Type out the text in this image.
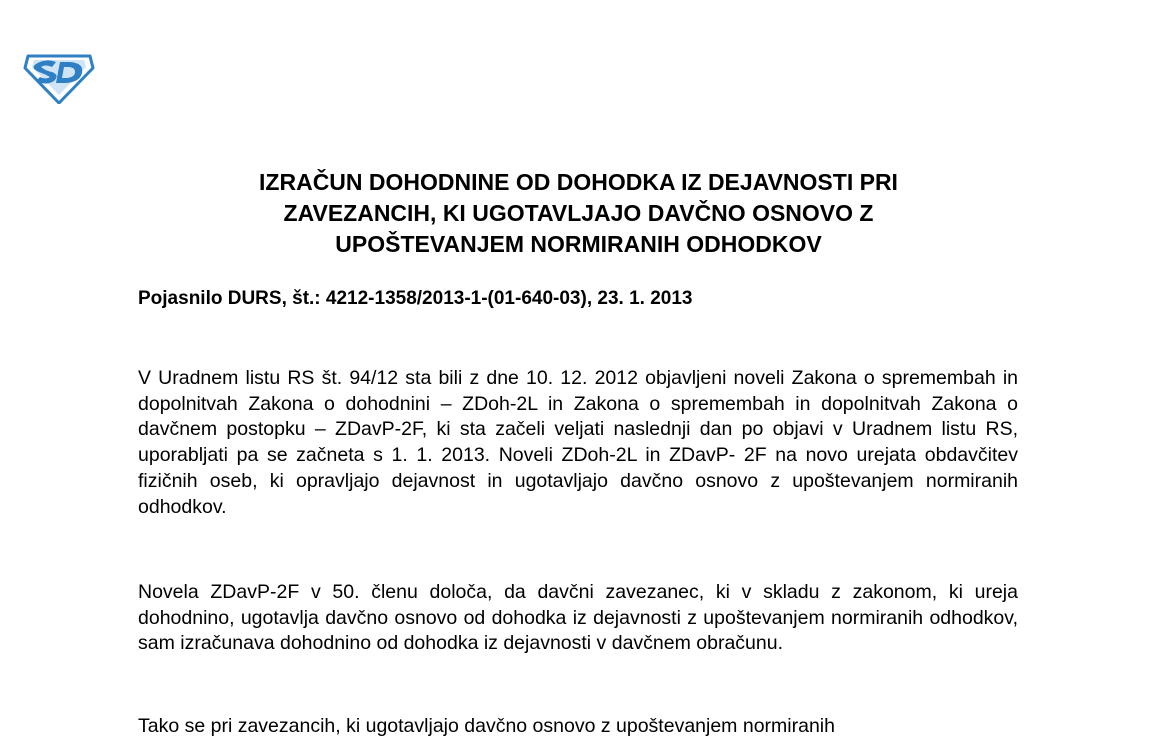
IZRAČUN DOHODNINE OD DOHODKA IZ DEJAVNOSTI PRI
ZAVEZANCIH, KI UGOTAVLJAJO DAVČNO OSNOVO Z
UPOŠTEVANJEM NORMIRANIH ODHODKOV

Pojasnilo DURS, št.: 4212-1358/2013-1-(01-640-03), 23. 1. 2013

V Uradnem listu RS št. 94/12 sta bili z dne 10. 12. 2012 objavljeni noveli Zakona o spremembah in dopolnitvah Zakona o dohodnini – ZDoh-2L in Zakona o spremembah in dopolnitvah Zakona o davčnem postopku – ZDavP-2F, ki sta začeli veljati naslednji dan po objavi v Uradnem listu RS, uporabljati pa se začneta s 1. 1. 2013. Noveli ZDoh-2L in ZDavP- 2F na novo urejata obdavčitev fizičnih oseb, ki opravljajo dejavnost in ugotavljajo davčno osnovo z upoštevanjem normiranih odhodkov.

Novela ZDavP-2F v 50. členu določa, da davčni zavezanec, ki v skladu z zakonom, ki ureja dohodnino, ugotavlja davčno osnovo od dohodka iz dejavnosti z upoštevanjem normiranih odhodkov, sam izračunava dohodnino od dohodka iz dejavnosti v davčnem obračunu.

Tako se pri zavezancih, ki ugotavljajo davčno osnovo z upoštevanjem normiranih
